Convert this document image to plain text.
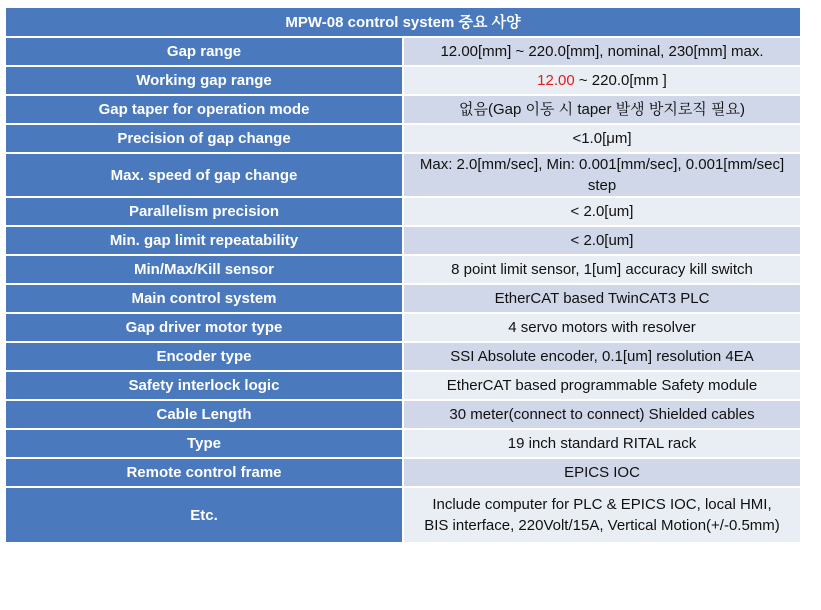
MPW-08 control system 중요 사양	
Gap range	12.00[mm] ~ 220.0[mm], nominal, 230[mm] max.
Working gap range	12.00 ~ 220.0[mm ]
Gap taper for operation mode	없음(Gap 이동 시 taper 발생 방지로직 필요)
Precision of gap change	<1.0[μm]
Max. speed of gap change	Max: 2.0[mm/sec], Min: 0.001[mm/sec], 0.001[mm/sec] step
Parallelism precision	< 2.0[um]
Min. gap limit repeatability	< 2.0[um]
Min/Max/Kill sensor	8 point limit sensor, 1[um] accuracy kill switch
Main control system	EtherCAT based TwinCAT3 PLC
Gap driver motor type	4 servo motors with resolver
Encoder type	SSI Absolute encoder, 0.1[um] resolution 4EA
Safety interlock logic	EtherCAT based programmable Safety module
Cable Length	30 meter(connect to connect) Shielded cables
Type	19 inch standard RITAL rack
Remote control frame	EPICS IOC
Etc.	Include computer for PLC & EPICS IOC, local HMI,
BIS interface, 220Volt/15A, Vertical Motion(+/-0.5mm)
